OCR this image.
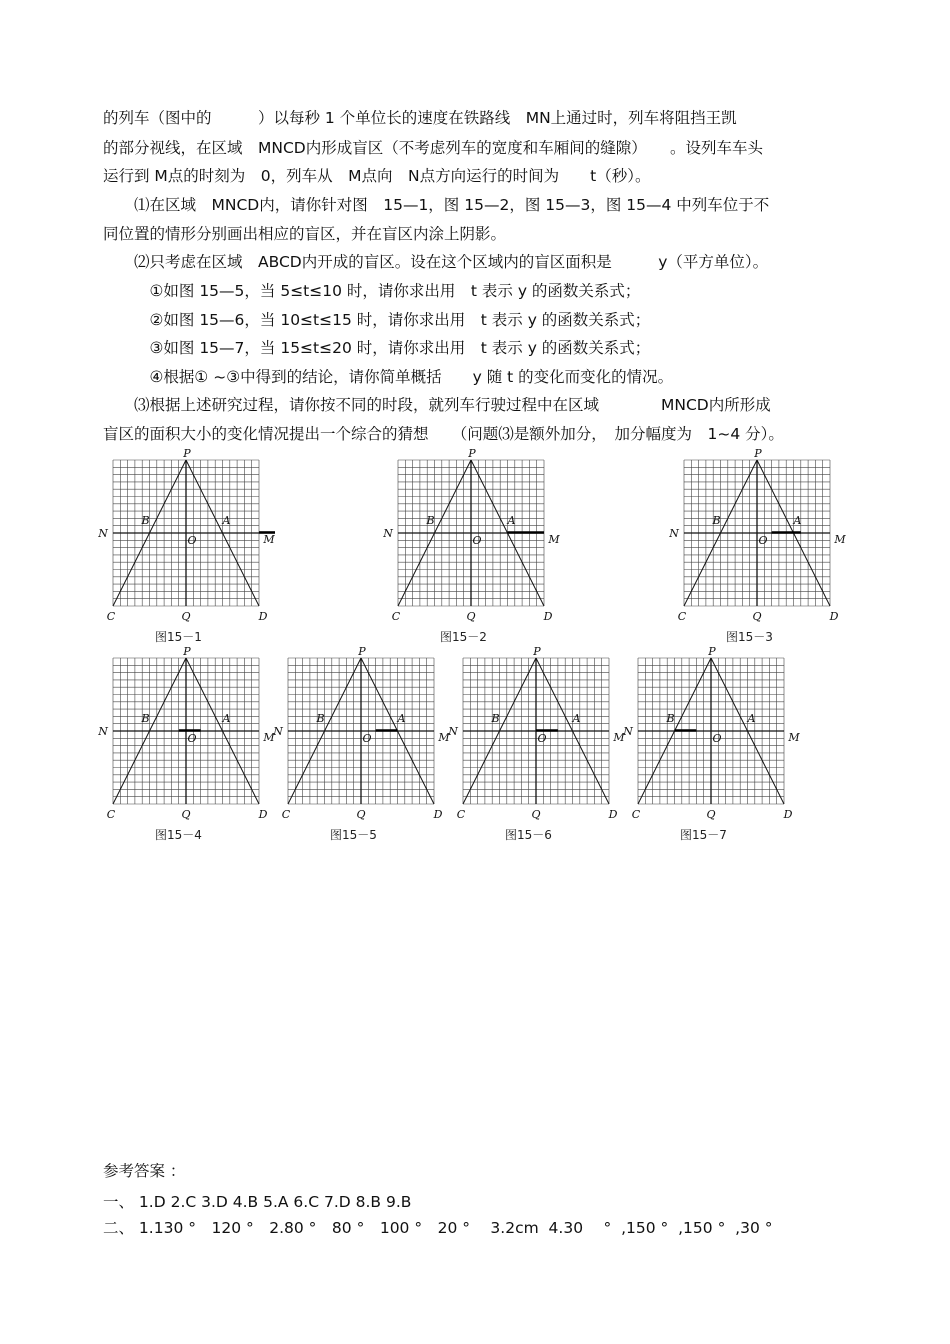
的列车（图中的　　　）以每秒 1 个单位长的速度在铁路线　MN上通过时，列车将阻挡王凯
的部分视线，在区域　MNCD内形成盲区（不考虑列车的宽度和车厢间的缝隙）　　。设列车车头
运行到 M点的时刻为　0，列车从　M点向　N点方向运行的时间为　　t（秒）。
　　⑴在区域　MNCD内，请你针对图　15—1，图 15—2，图 15—3，图 15—4 中列车位于不
同位置的情形分别画出相应的盲区，并在盲区内涂上阴影。
　　⑵只考虑在区域　ABCD内开成的盲区。设在这个区域内的盲区面积是　　　y（平方单位）。
　　　①如图 15—5，当 5≤t≤10 时，请你求出用　t 表示 y 的函数关系式；
　　　②如图 15—6，当 10≤t≤15 时，请你求出用　t 表示 y 的函数关系式；
　　　③如图 15—7，当 15≤t≤20 时，请你求出用　t 表示 y 的函数关系式；
　　　④根据① ~③中得到的结论，请你简单概括　　y 随 t 的变化而变化的情况。
　　⑶根据上述研究过程，请你按不同的时段，就列车行驶过程中在区域　　　　MNCD内所形成
盲区的面积大小的变化情况提出一个综合的猜想　　（问题⑶是额外加分，　加分幅度为　1~4 分）。
P
N	M
B	A
O
C	Q	D
图15－1
P
N	M
B	A
O
C	Q	D
图15－2
P
N	M
B	A
O
C	Q	D
图15－3
P
N	M
B	A
O
C	Q	D
图15－4
P
N	M
B	A
O
C	Q	D
图15－5
P
N	M
B	A
O
C	Q	D
图15－6
P
N	M
B	A
O
C	Q	D
图15－7
参考答案 ：
一、 1.D 2.C 3.D 4.B 5.A 6.C 7.D 8.B 9.B
二、 1.130 °　120 °　2.80 °　80 °　100 °　20 °　 3.2cm  4.30　 °  ,150 °  ,150 °  ,30 °
